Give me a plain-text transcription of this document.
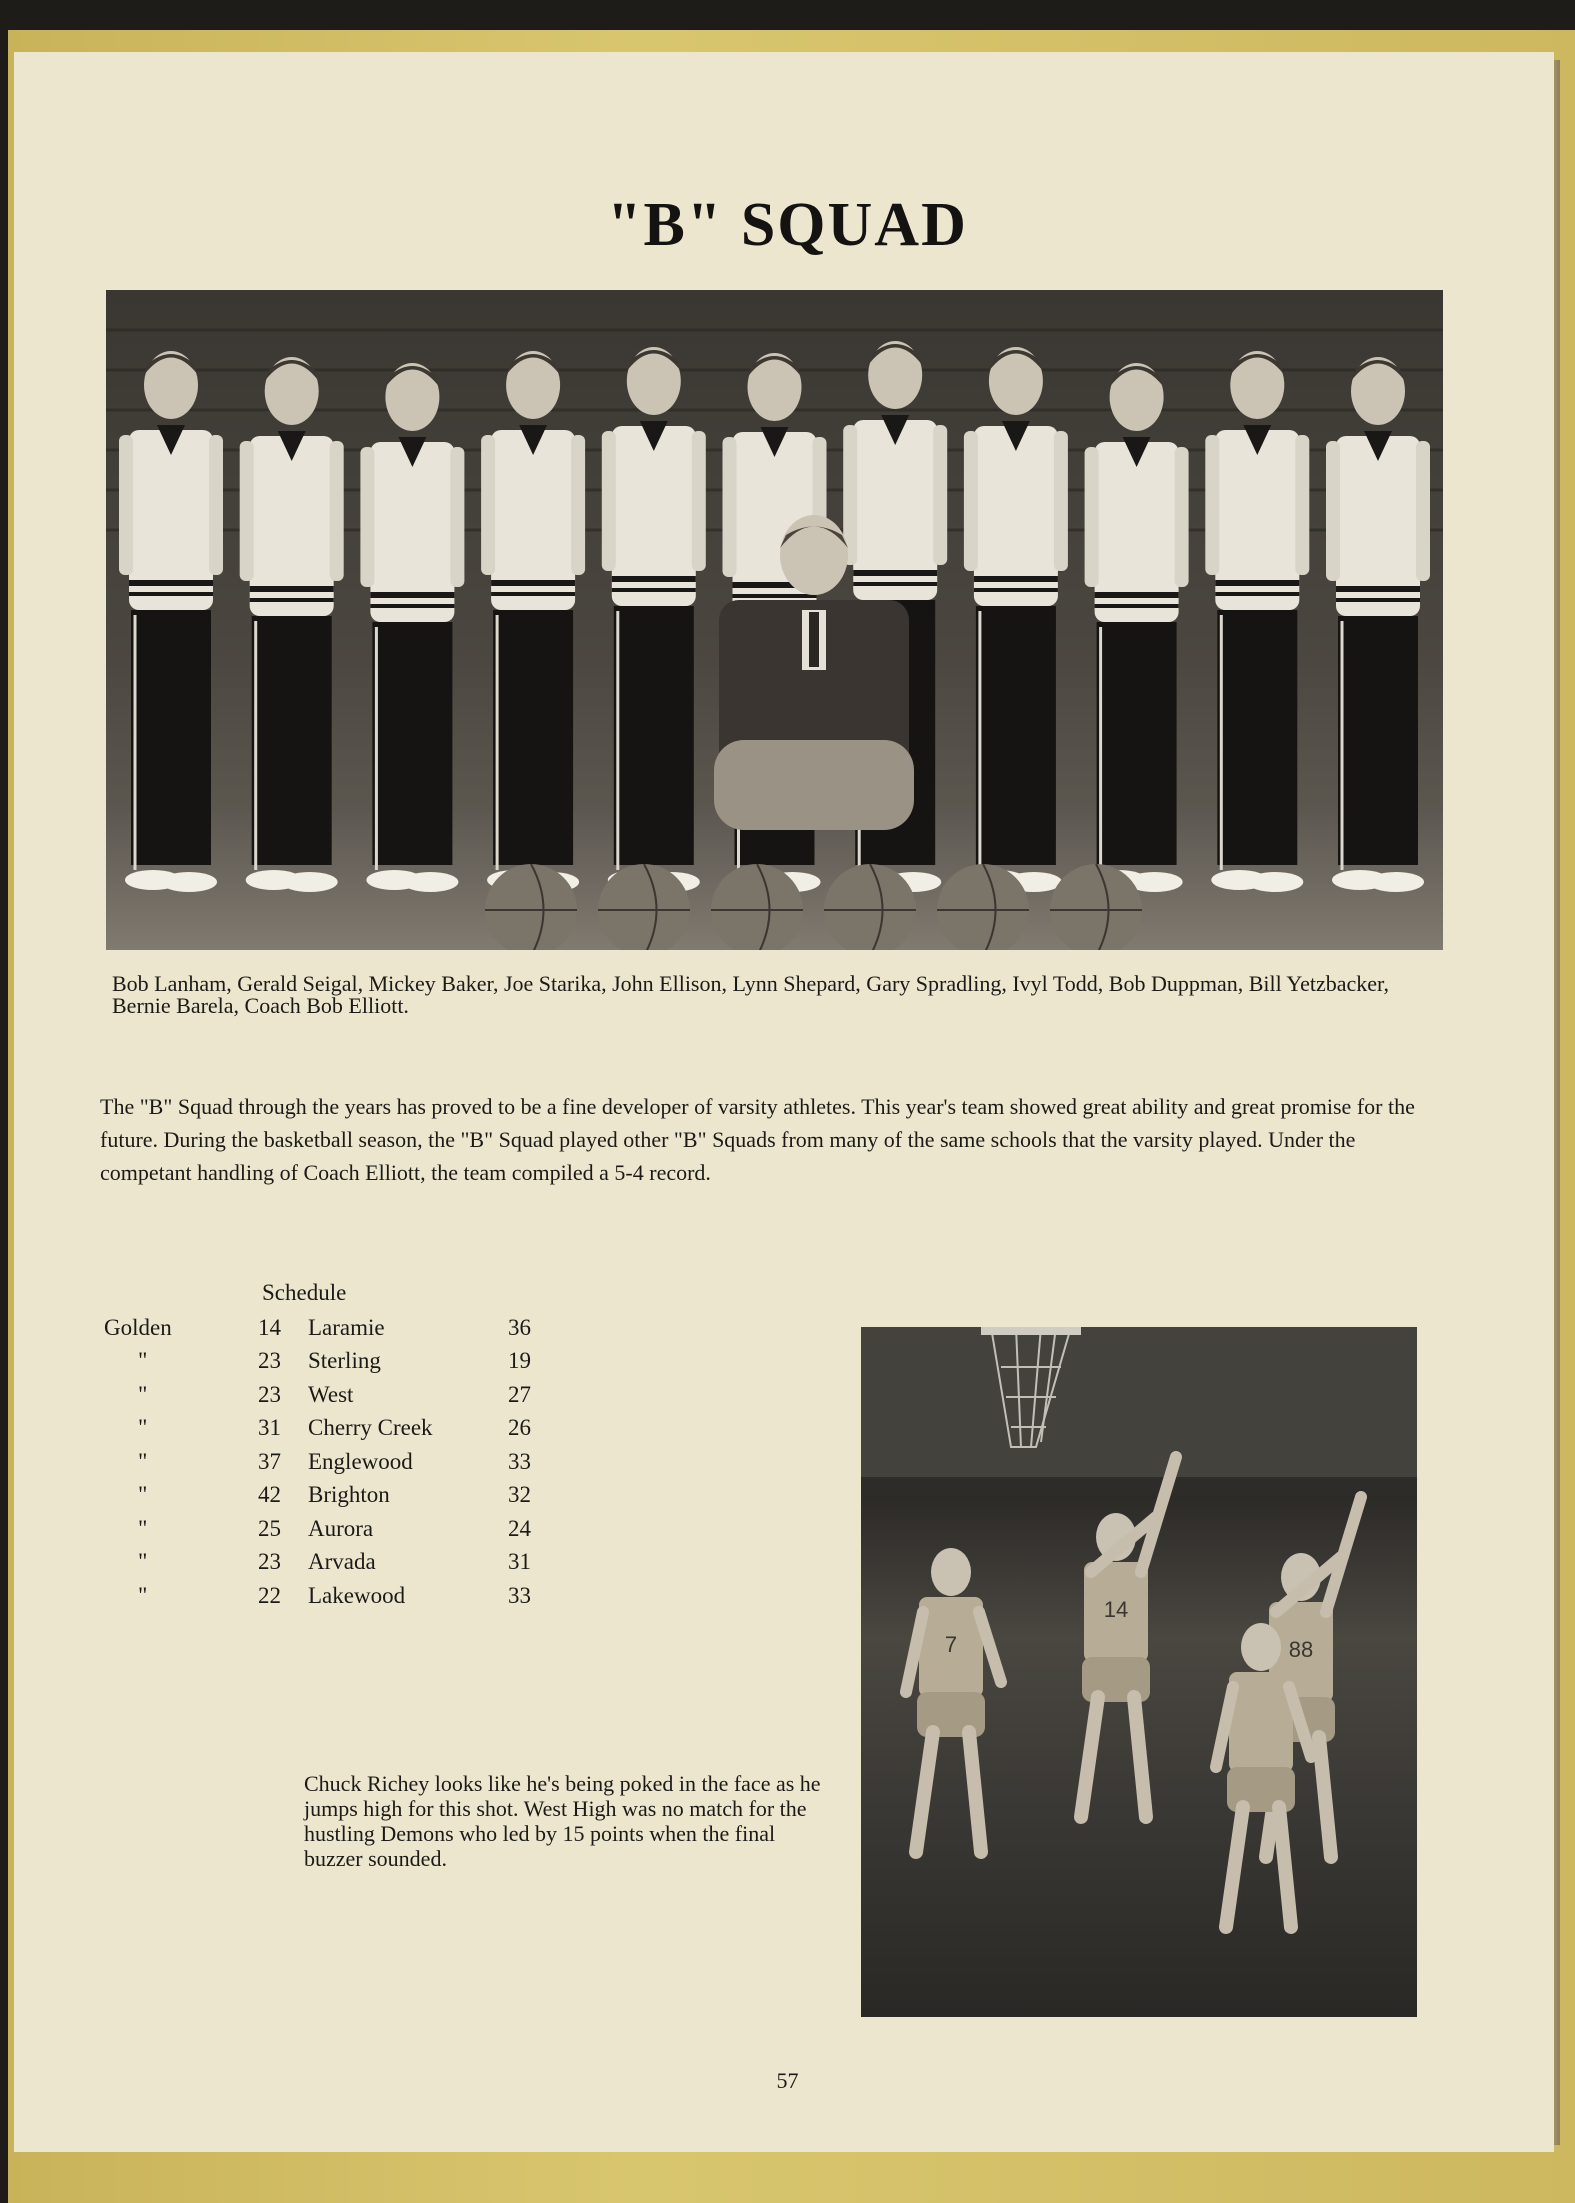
"B" SQUAD
Bob Lanham, Gerald Seigal, Mickey Baker, Joe Starika, John Ellison, Lynn Shepard, Gary Spradling, Ivyl Todd, Bob Duppman, Bill Yetzbacker, Bernie Barela, Coach Bob Elliott.
The "B" Squad through the years has proved to be a fine developer of varsity athletes. This year's team showed great ability and great promise for the future. During the basketball season, the "B" Squad played other "B" Squads from many of the same schools that the varsity played. Under the competant handling of Coach Elliott, the team compiled a 5-4 record.
Schedule
Golden	14	Laramie	36
"	23	Sterling	19
"	23	West	27
"	31	Cherry Creek	26
"	37	Englewood	33
"	42	Brighton	32
"	25	Aurora	24
"	23	Arvada	31
"	22	Lakewood	33
7
14
88
Chuck Richey looks like he's being poked in the face as he jumps high for this shot. West High was no match for the hustling Demons who led by 15 points when the final buzzer sounded.
57
